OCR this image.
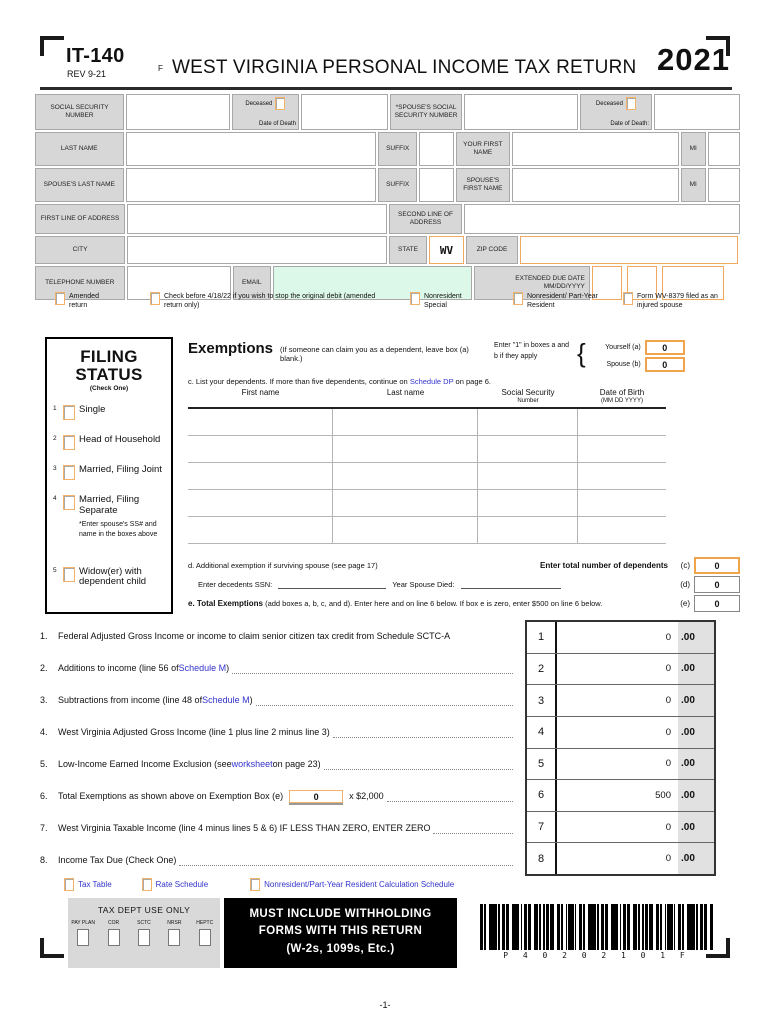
IT-140
REV 9-21
F WEST VIRGINIA PERSONAL INCOME TAX RETURN 2021
SOCIAL SECURITY NUMBER
Deceased
Date of Death
*SPOUSE'S SOCIAL SECURITY NUMBER
Deceased
Date of Death:
LAST NAME	SUFFIX
YOUR FIRST NAME
MI
SPOUSE'S LAST NAME	SUFFIX
SPOUSE'S FIRST NAME
MI
FIRST LINE OF ADDRESS
SECOND LINE OF ADDRESS
CITY	STATE	WV	ZIP CODE
TELEPHONE NUMBER	EMAIL
EXTENDED DUE DATE
MM/DD/YYYY
Amended return
Check before 4/18/22 if you wish to stop the original debit (amended return only)
Nonresident Special
Nonresident/ Part-Year Resident
Form WV-8379 filed as an injured spouse
FILING STATUS
(Check One)
1 Single
2 Head of Household
3 Married, Filing Joint
4 Married, Filing Separate
*Enter spouse's SS# and name in the boxes above
5 Widow(er) with dependent child
Exemptions (If someone can claim you as a dependent, leave box (a) blank.)
Enter "1" in boxes a and b if they apply	{	Yourself (a)	0
Spouse (b)	0
c. List your dependents. If more than five dependents, continue on Schedule DP on page 6.
First name	Last name	Social Security
Number
Date of Birth
(MM DD YYYY)
d. Additional exemption if surviving spouse (see page 17)	Enter total number of dependents	(c)	0
Enter decedents SSN:	Year Spouse Died:	(d)	0
e. Total Exemptions (add boxes a, b, c, and d). Enter here and on line 6 below. If box e is zero, enter $500 on line 6 below.	(e)	0
1.	Federal Adjusted Gross Income or income to claim senior citizen tax credit from Schedule SCTC-A
2.	Additions to income (line 56 of Schedule M )
3.	Subtractions from income (line 48 of Schedule M )
4.	West Virginia Adjusted Gross Income (line 1 plus line 2 minus line 3)
5.	Low-Income Earned Income Exclusion (see worksheet on page 23)
6.	Total Exemptions as shown above on Exemption Box (e)	0	x $2,000
7.	West Virginia Taxable Income (line 4 minus lines 5 & 6) IF LESS THAN ZERO, ENTER ZERO
8.	Income Tax Due (Check One)
1	0	.00
2	0	.00
3	0	.00
4	0	.00
5	0	.00
6	500	.00
7	0	.00
8	0	.00
Tax Table	Rate Schedule	Nonresident/Part-Year Resident Calculation Schedule
TAX DEPT USE ONLY
PAY PLAN	COR	SCTC	NRSR	HEPTC
MUST INCLUDE WITHHOLDING
FORMS WITH THIS RETURN
(W-2s, 1099s, Etc.)
P 4 0 2 0 2 1 0 1 F
-1-
